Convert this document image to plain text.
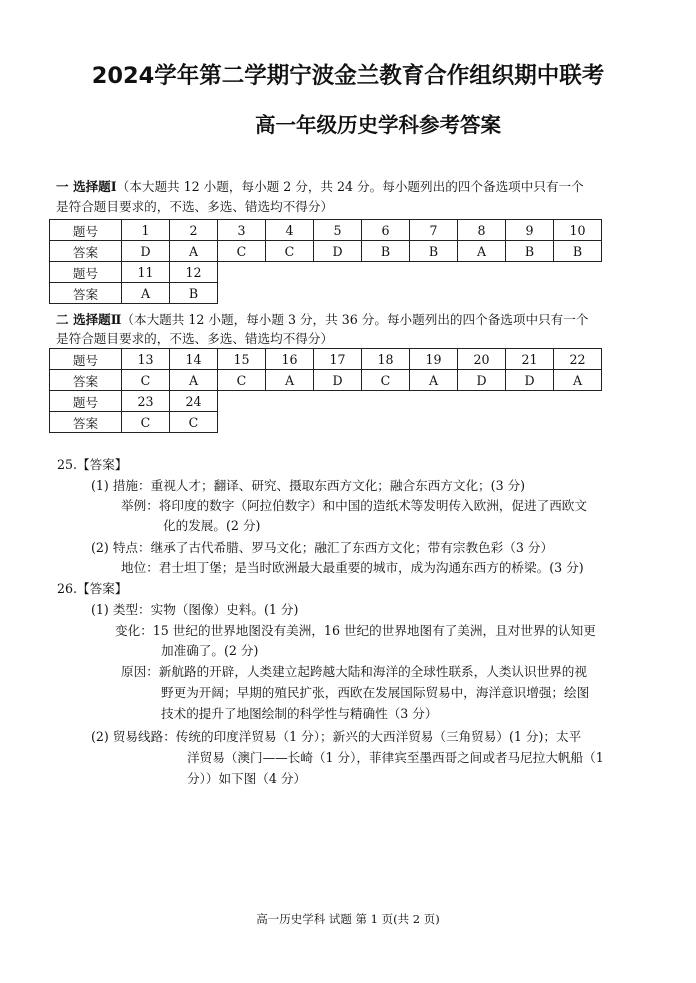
2024学年第二学期宁波金兰教育合作组织期中联考
高一年级历史学科参考答案
一 选择题Ⅰ（本大题共 12 小题，每小题 2 分，共 24 分。每小题列出的四个备选项中只有一个
是符合题目要求的，不选、多选、错选均不得分）
题号	1	2	3	4	5	6	7	8	9	10
答案	D	A	C	C	D	B	B	A	B	B
题号	11	12								
答案	A	B								
二 选择题Ⅱ（本大题共 12 小题，每小题 3 分，共 36 分。每小题列出的四个备选项中只有一个
是符合题目要求的，不选、多选、错选均不得分）
题号	13	14	15	16	17	18	19	20	21	22
答案	C	A	C	A	D	C	A	D	D	A
题号	23	24								
答案	C	C								
25.【答案】
(1) 措施：重视人才；翻译、研究、摄取东西方文化；融合东西方文化；(3 分)
举例：将印度的数字（阿拉伯数字）和中国的造纸术等发明传入欧洲，促进了西欧文
化的发展。(2 分)
(2) 特点：继承了古代希腊、罗马文化；融汇了东西方文化；带有宗教色彩（3 分）
地位：君士坦丁堡；是当时欧洲最大最重要的城市，成为沟通东西方的桥梁。(3 分)
26.【答案】
(1) 类型：实物（图像）史料。(1 分)
变化：15 世纪的世界地图没有美洲，16 世纪的世界地图有了美洲，且对世界的认知更
加准确了。(2 分)
原因：新航路的开辟，人类建立起跨越大陆和海洋的全球性联系，人类认识世界的视
野更为开阔；早期的殖民扩张，西欧在发展国际贸易中，海洋意识增强；绘图
技术的提升了地图绘制的科学性与精确性（3 分）
(2) 贸易线路：传统的印度洋贸易（1 分）；新兴的大西洋贸易（三角贸易）(1 分)；太平
洋贸易（澳门——长崎（1 分），菲律宾至墨西哥之间或者马尼拉大帆船（1
分））如下图（4 分）
高一历史学科 试题 第 1 页(共 2 页)
